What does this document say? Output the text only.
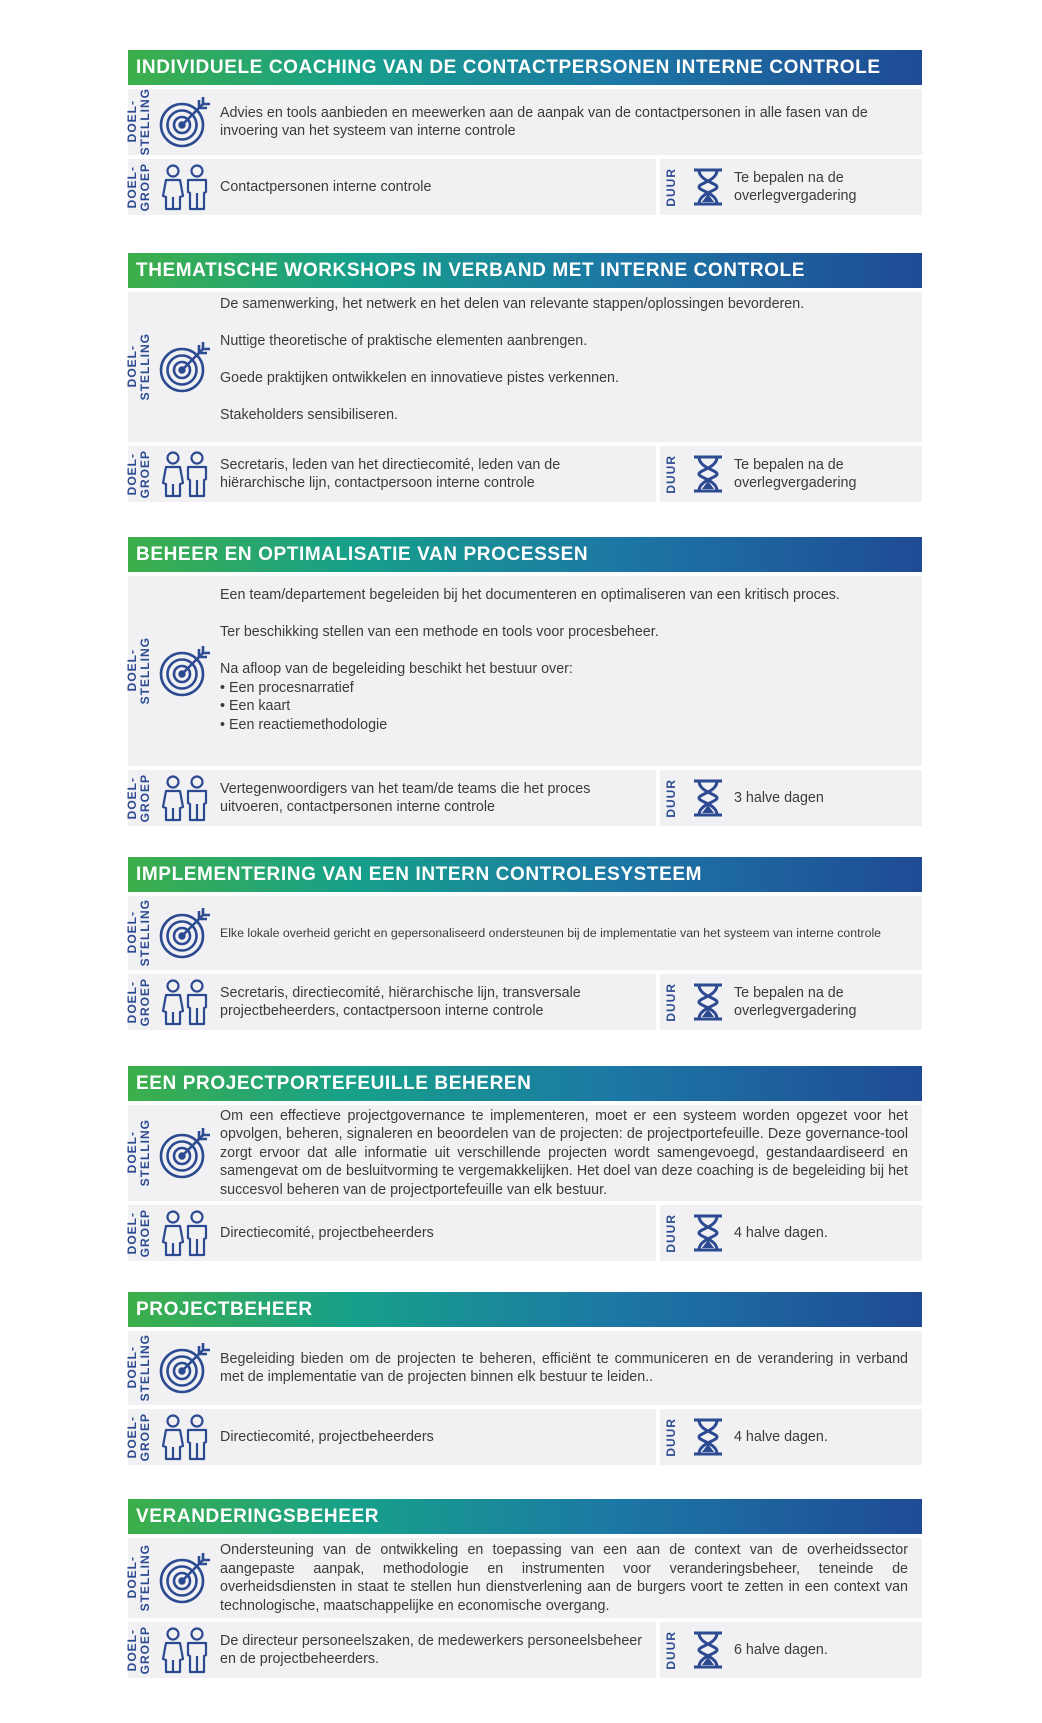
INDIVIDUELE COACHING VAN DE CONTACTPERSONEN INTERNE CONTROLE
DOEL-
STELLING	Advies en tools aanbieden en meewerken aan de aanpak van de contactpersonen in alle fasen van de invoering van het systeem van interne controle

DOEL-
GROEP	Contactpersonen interne controle	DUUR	Te bepalen na de overlegvergadering
THEMATISCHE WORKSHOPS IN VERBAND MET INTERNE CONTROLE
DOEL-
STELLING

De samenwerking, het netwerk en het delen van relevante stappen/oplossingen bevorderen.

Nuttige theoretische of praktische elementen aanbrengen.

Goede praktijken ontwikkelen en innovatieve pistes verkennen.

Stakeholders sensibiliseren.

DOEL-
GROEP	Secretaris, leden van het directiecomité, leden van de hiërarchische lijn, contactpersoon interne controle	DUUR	Te bepalen na de overlegvergadering
BEHEER EN OPTIMALISATIE VAN PROCESSEN
DOEL-
STELLING

Een team/departement begeleiden bij het documenteren en optimaliseren van een kritisch proces.

Ter beschikking stellen van een methode en tools voor procesbeheer.

Na afloop van de begeleiding beschikt het bestuur over:

• Een procesnarratief
• Een kaart
• Een reactiemethodologie
DOEL-
GROEP	Vertegenwoordigers van het team/de teams die het proces uitvoeren, contactpersonen interne controle	DUUR	3 halve dagen
IMPLEMENTERING VAN EEN INTERN CONTROLESYSTEEM
DOEL-
STELLING	Elke lokale overheid gericht en gepersonaliseerd ondersteunen bij de implementatie van het systeem van interne controle

DOEL-
GROEP	Secretaris, directiecomité, hiërarchische lijn, transversale projectbeheerders, contactpersoon interne controle	DUUR	Te bepalen na de overlegvergadering
EEN PROJECTPORTEFEUILLE BEHEREN
DOEL-
STELLING

Om een effectieve projectgovernance te implementeren, moet er een systeem worden opgezet voor het opvolgen, beheren, signaleren en beoordelen van de projecten: de projectportefeuille. Deze governance-tool zorgt ervoor dat alle informatie uit verschillende projecten wordt samengevoegd, gestandaardiseerd en samengevat om de besluitvorming te vergemakkelijken. Het doel van deze coaching is de begeleiding bij het succesvol beheren van de projectportefeuille van elk bestuur.

DOEL-
GROEP	Directiecomité, projectbeheerders	DUUR	4 halve dagen.
PROJECTBEHEER
DOEL-
STELLING	Begeleiding bieden om de projecten te beheren, efficiënt te communiceren en de verandering in verband met de implementatie van de projecten binnen elk bestuur te leiden..

DOEL-
GROEP	Directiecomité, projectbeheerders	DUUR	4 halve dagen.
VERANDERINGSBEHEER
DOEL-
STELLING	Ondersteuning van de ontwikkeling en toepassing van een aan de context van de overheidssector aangepaste aanpak, methodologie en instrumenten voor veranderingsbeheer, teneinde de overheidsdiensten in staat te stellen hun dienstverlening aan de burgers voort te zetten in een context van technologische, maatschappelijke en economische overgang.

DOEL-
GROEP	De directeur personeelszaken, de medewerkers personeelsbeheer en de projectbeheerders.	DUUR	6 halve dagen.
